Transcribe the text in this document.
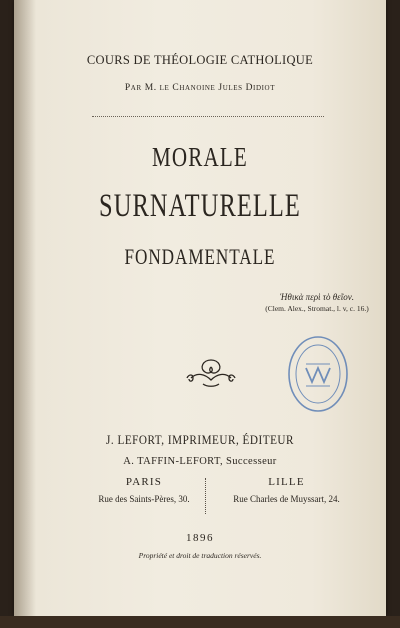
COURS DE THÉOLOGIE CATHOLIQUE

Par M. le Chanoine Jules Didiot

MORALE

SURNATURELLE

FONDAMENTALE

Ἡθικὰ περὶ τὸ θεῖον.
(Clem. Alex., Stromat., l. v, c. 16.)

J. LEFORT, IMPRIMEUR, ÉDITEUR

A. TAFFIN-LEFORT, Successeur

PARIS
Rue des Saints-Pères, 30.
LILLE
Rue Charles de Muyssart, 24.

1896

Propriété et droit de traduction réservés.
